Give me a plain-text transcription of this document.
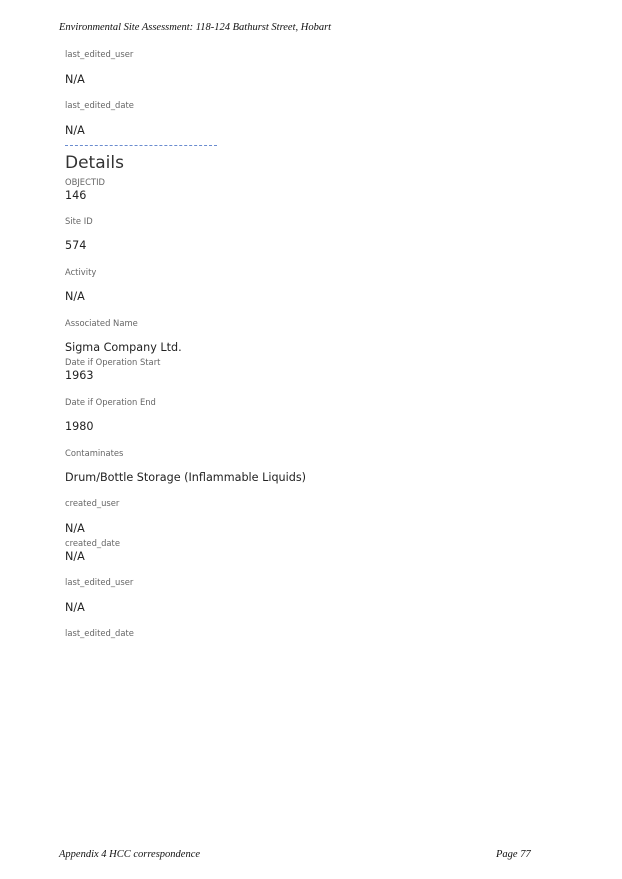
Environmental Site Assessment: 118-124 Bathurst Street, Hobart
last_edited_user
N/A
last_edited_date
N/A
Details
OBJECTID
146
Site ID
574
Activity
N/A
Associated Name
Sigma Company Ltd.
Date if Operation Start
1963
Date if Operation End
1980
Contaminates
Drum/Bottle Storage (Inflammable Liquids)
created_user
N/A
created_date
N/A
last_edited_user
N/A
last_edited_date
Appendix 4 HCC correspondence	Page 77
